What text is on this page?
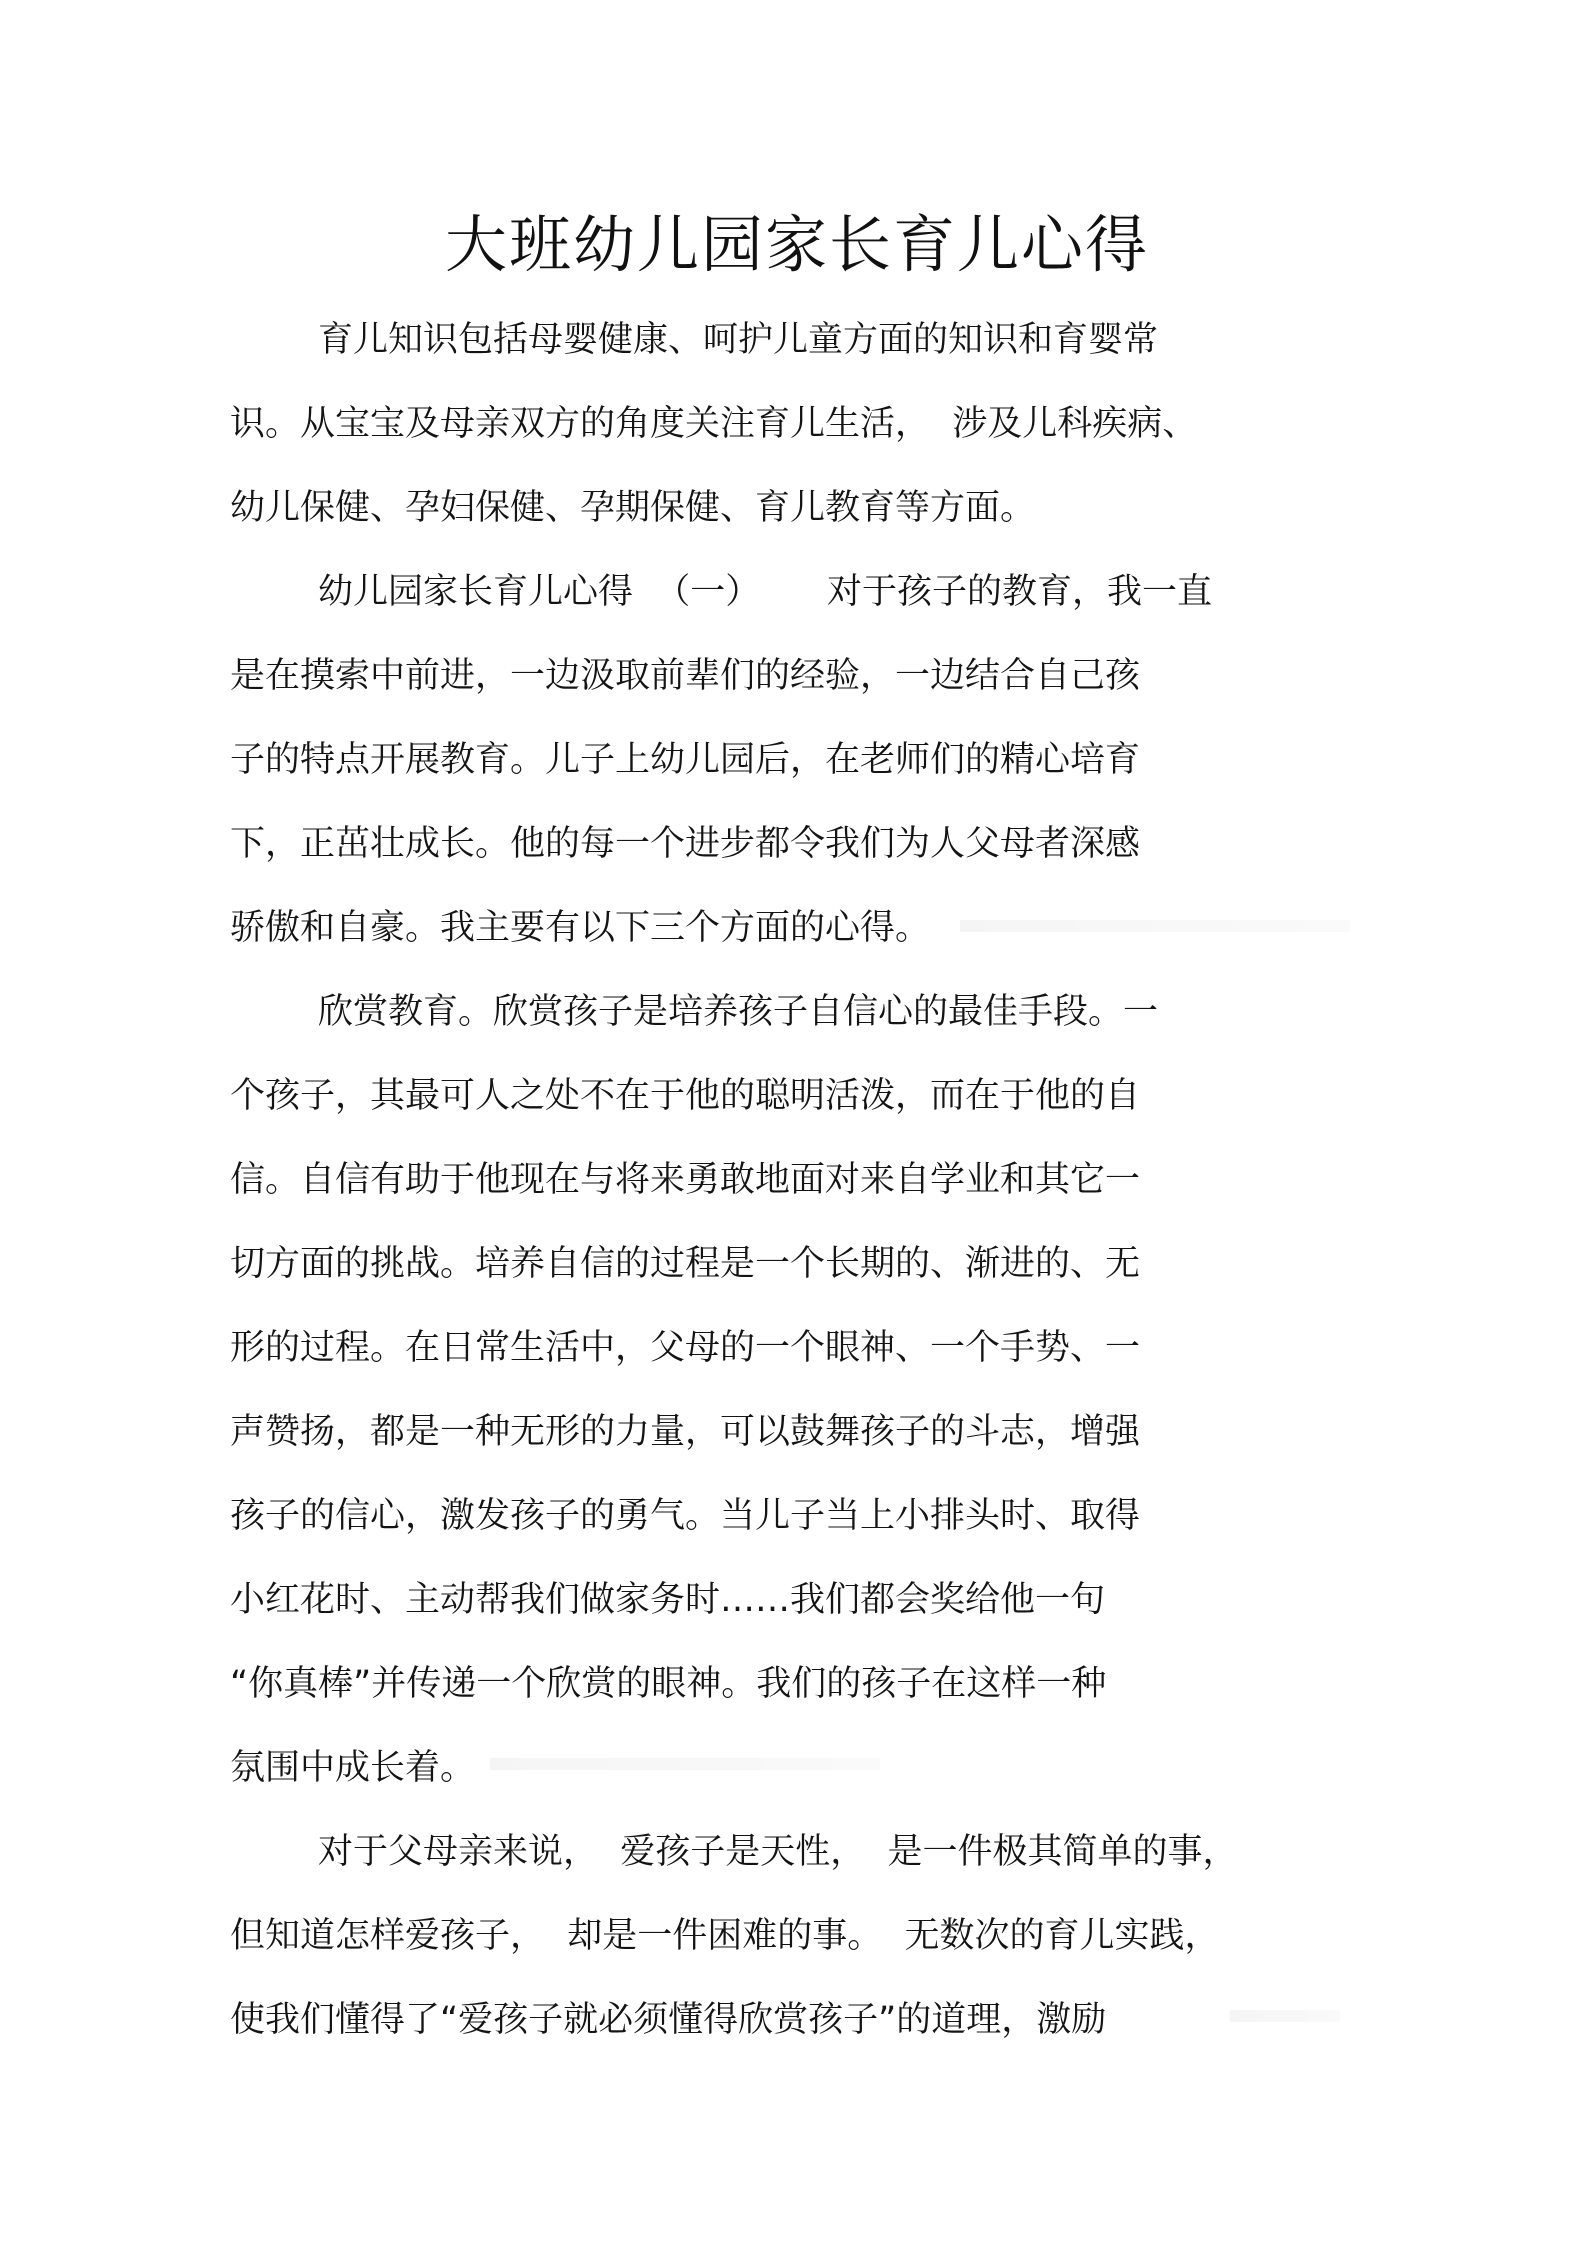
大班幼儿园家长育儿心得

育儿知识包括母婴健康、呵护儿童方面的知识和育婴常

识。从宝宝及母亲双方的角度关注育儿生活，  涉及儿科疾病、

幼儿保健、孕妇保健、孕期保健、育儿教育等方面。

幼儿园家长育儿心得  （一）      对于孩子的教育，我一直

是在摸索中前进，一边汲取前辈们的经验，一边结合自己孩

子的特点开展教育。儿子上幼儿园后，在老师们的精心培育

下，正茁壮成长。他的每一个进步都令我们为人父母者深感

骄傲和自豪。我主要有以下三个方面的心得。

欣赏教育。欣赏孩子是培养孩子自信心的最佳手段。一

个孩子，其最可人之处不在于他的聪明活泼，而在于他的自

信。自信有助于他现在与将来勇敢地面对来自学业和其它一

切方面的挑战。培养自信的过程是一个长期的、渐进的、无

形的过程。在日常生活中，父母的一个眼神、一个手势、一

声赞扬，都是一种无形的力量，可以鼓舞孩子的斗志，增强

孩子的信心，激发孩子的勇气。当儿子当上小排头时、取得

小红花时、主动帮我们做家务时……我们都会奖给他一句

“你真棒”并传递一个欣赏的眼神。我们的孩子在这样一种

氛围中成长着。

对于父母亲来说，  爱孩子是天性，  是一件极其简单的事，

但知道怎样爱孩子，  却是一件困难的事。  无数次的育儿实践，

使我们懂得了“爱孩子就必须懂得欣赏孩子”的道理，激励
